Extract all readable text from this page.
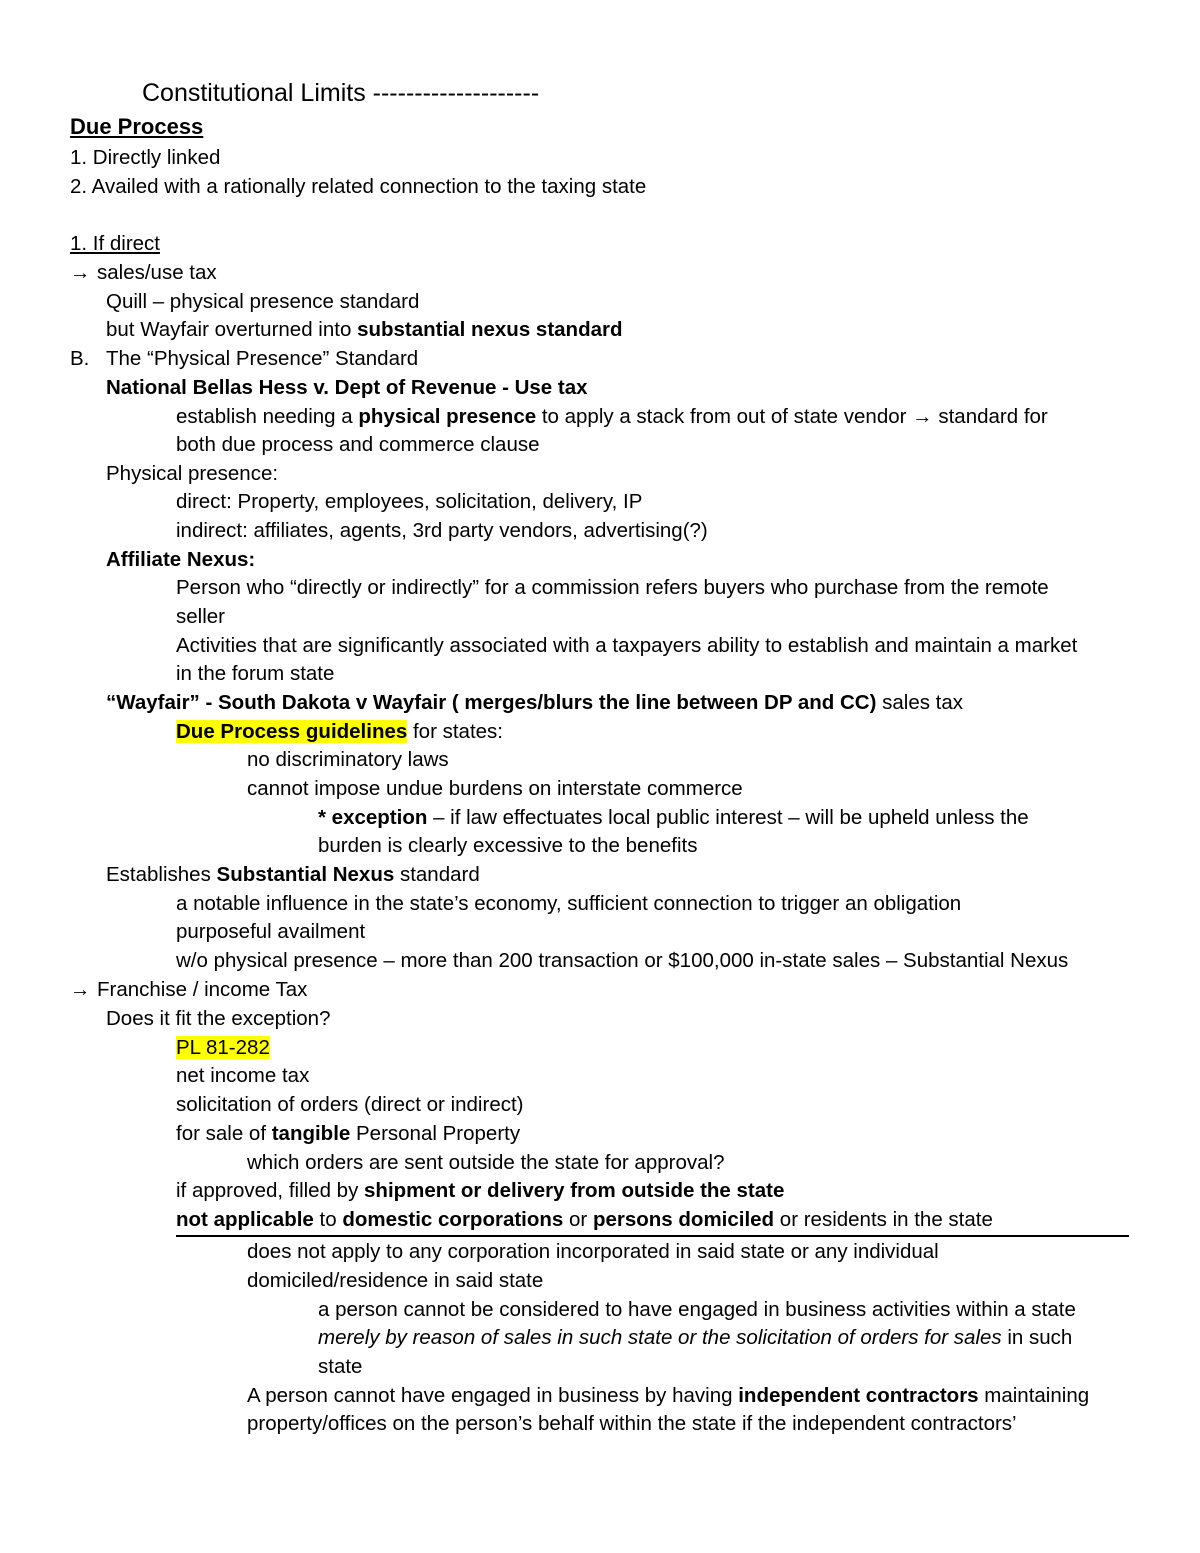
Constitutional Limits --------------------
Due Process
1. Directly linked
2. Availed with a rationally related connection to the taxing state
1. If direct
→ sales/use tax
Quill – physical presence standard
but Wayfair overturned into substantial nexus standard
B. The “Physical Presence” Standard
National Bellas Hess v. Dept of Revenue - Use tax
establish needing a physical presence to apply a stack from out of state vendor → standard for
both due process and commerce clause
Physical presence:
direct: Property, employees, solicitation, delivery, IP
indirect: affiliates, agents, 3rd party vendors, advertising(?)
Affiliate Nexus:
Person who “directly or indirectly” for a commission refers buyers who purchase from the remote
seller
Activities that are significantly associated with a taxpayers ability to establish and maintain a market
in the forum state
“Wayfair” - South Dakota v Wayfair ( merges/blurs the line between DP and CC) sales tax
Due Process guidelines for states:
no discriminatory laws
cannot impose undue burdens on interstate commerce
* exception – if law effectuates local public interest – will be upheld unless the
burden is clearly excessive to the benefits
Establishes Substantial Nexus standard
a notable influence in the state’s economy, sufficient connection to trigger an obligation
purposeful availment
w/o physical presence – more than 200 transaction or $100,000 in-state sales – Substantial Nexus
→ Franchise / income Tax
Does it fit the exception?
PL 81-282
net income tax
solicitation of orders (direct or indirect)
for sale of tangible Personal Property
which orders are sent outside the state for approval?
if approved, filled by shipment or delivery from outside the state
not applicable to domestic corporations or persons domiciled or residents in the state
does not apply to any corporation incorporated in said state or any individual
domiciled/residence in said state
a person cannot be considered to have engaged in business activities within a state
merely by reason of sales in such state or the solicitation of orders for sales in such
state
A person cannot have engaged in business by having independent contractors maintaining
property/offices on the person’s behalf within the state if the independent contractors’
